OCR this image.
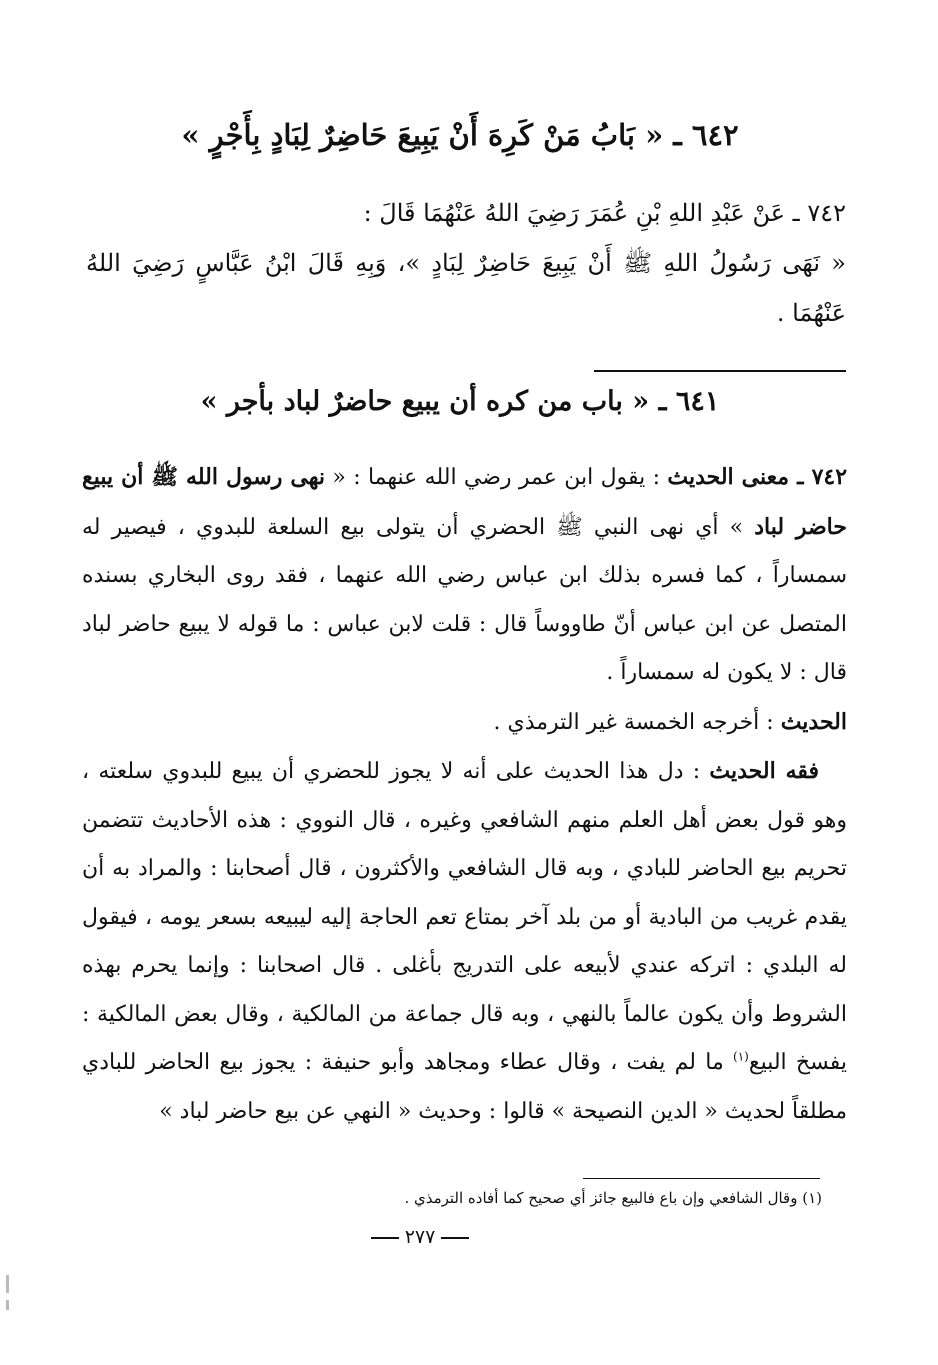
٦٤٢ ـ « بَابُ مَنْ كَرِهَ أَنْ يَبِيعَ حَاضِرٌ لِبَادٍ بِأَجْرٍ »

٧٤٢ ـ عَنْ عَبْدِ اللهِ بْنِ عُمَرَ رَضِيَ اللهُ عَنْهُمَا قَالَ :

« نَهَى رَسُولُ اللهِ ﷺ أَنْ يَبِيعَ حَاضِرٌ لِبَادٍ »، وَبِهِ قَالَ ابْنُ عَبَّاسٍ رَضِيَ اللهُ عَنْهُمَا .

٦٤١ ـ « باب من كره أن يبيع حاضرٌ لباد بأجر »

٧٤٢ ـ معنى الحديث : يقول ابن عمر رضي الله عنهما : « نهى رسول الله ﷺ أن يبيع حاضر لباد » أي نهى النبي ﷺ الحضري أن يتولى بيع السلعة للبدوي ، فيصير له سمساراً ، كما فسره بذلك ابن عباس رضي الله عنهما ، فقد روى البخاري بسنده المتصل عن ابن عباس أنّ طاووساً قال : قلت لابن عباس : ما قوله لا يبيع حاضر لباد قال : لا يكون له سمساراً .

الحديث : أخرجه الخمسة غير الترمذي .

فقه الحديث : دل هذا الحديث على أنه لا يجوز للحضري أن يبيع للبدوي سلعته ، وهو قول بعض أهل العلم منهم الشافعي وغيره ، قال النووي : هذه الأحاديث تتضمن تحريم بيع الحاضر للبادي ، وبه قال الشافعي والأكثرون ، قال أصحابنا : والمراد به أن يقدم غريب من البادية أو من بلد آخر بمتاع تعم الحاجة إليه ليبيعه بسعر يومه ، فيقول له البلدي : اتركه عندي لأبيعه على التدريج بأغلى . قال اصحابنا : وإنما يحرم بهذه الشروط وأن يكون عالماً بالنهي ، وبه قال جماعة من المالكية ، وقال بعض المالكية : يفسخ البيع$^{(١)}$ ما لم يفت ، وقال عطاء ومجاهد وأبو حنيفة : يجوز بيع الحاضر للبادي مطلقاً لحديث « الدين النصيحة » قالوا : وحديث « النهي عن بيع حاضر لباد »

(١) وقال الشافعي وإن باع فالبيع جائز أي صحيح كما أفاده الترمذي .
٢٧٧
